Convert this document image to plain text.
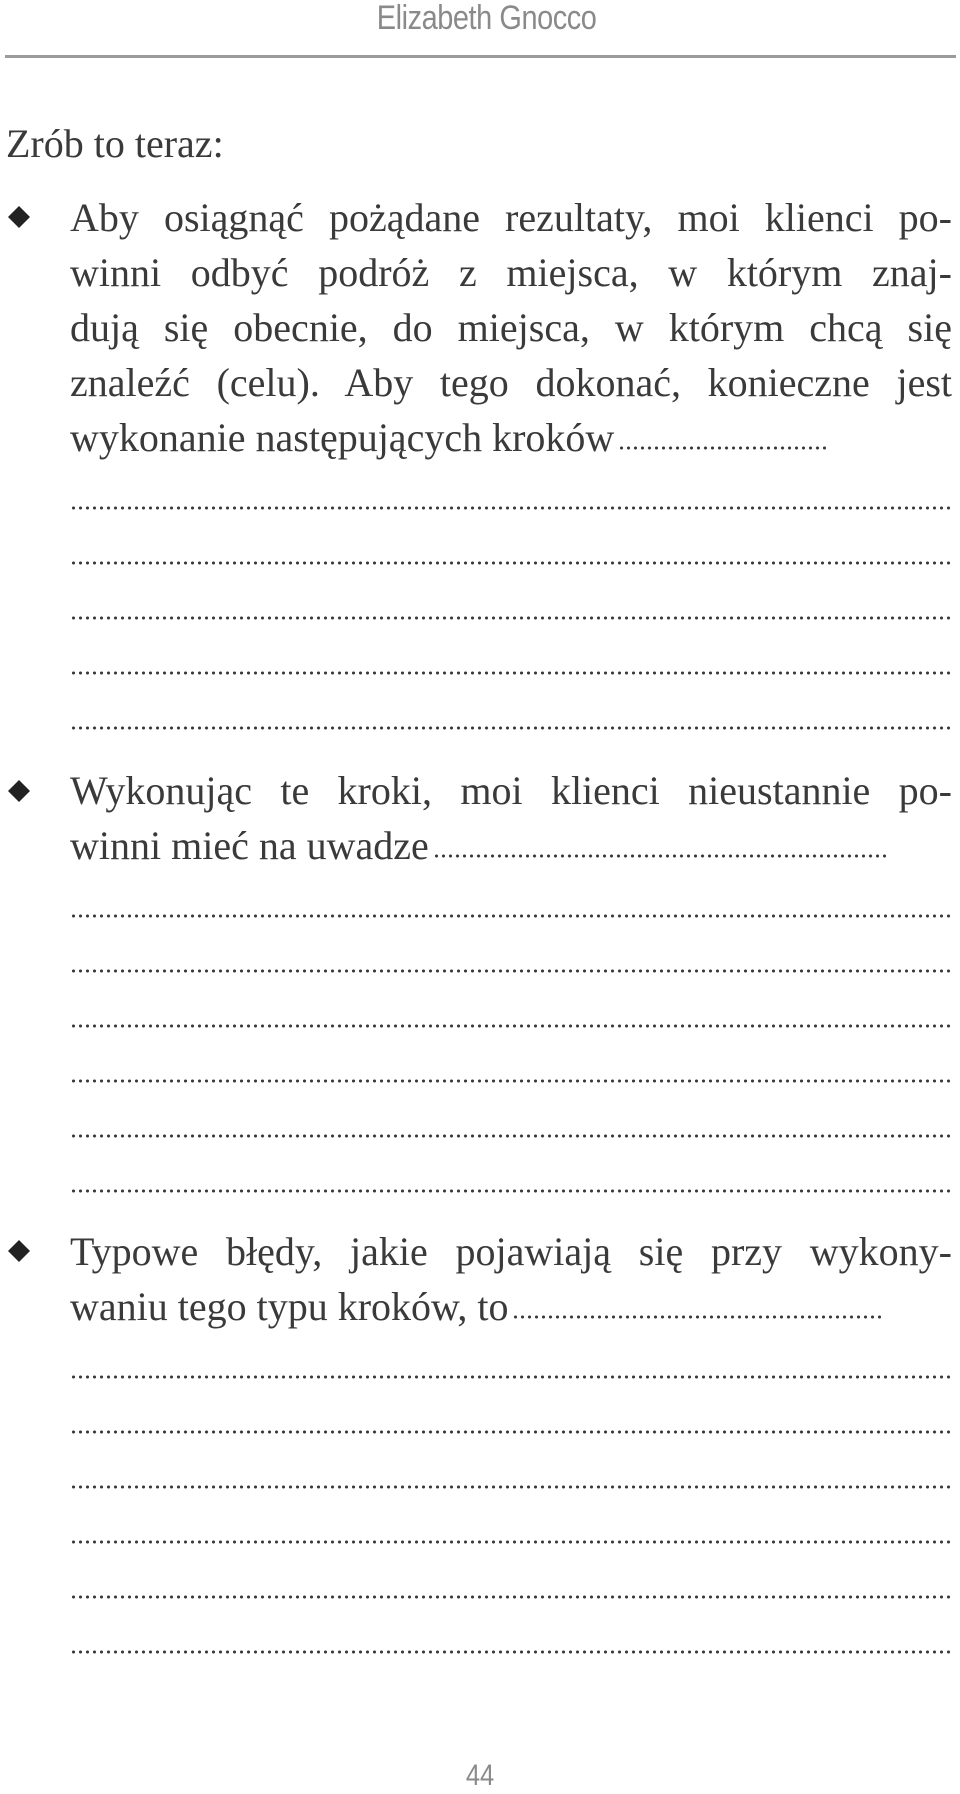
Elizabeth Gnocco
Zrób to teraz:
Aby osiągnąć pożądane rezultaty, moi klienci po-
winni odbyć podróż z miejsca, w którym znaj-
dują się obecnie, do miejsca, w którym chcą się
znaleźć (celu). Aby tego dokonać, konieczne jest
wykonanie następujących kroków
Wykonując te kroki, moi klienci nieustannie po-
winni mieć na uwadze
Typowe błędy, jakie pojawiają się przy wykony-
waniu tego typu kroków, to
44
